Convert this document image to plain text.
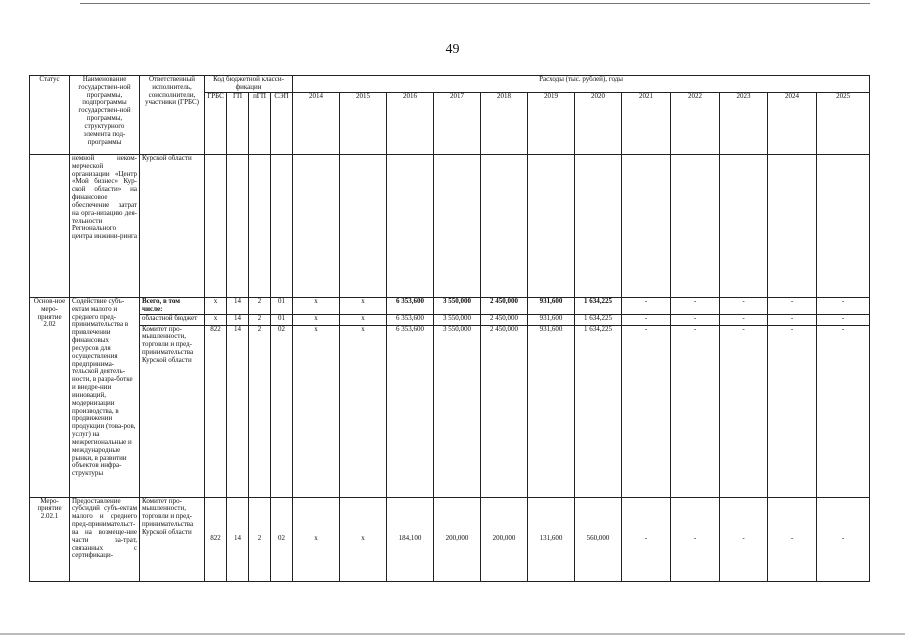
49
Статус	Наименование государствен-ной программы, подпрограммы государствен-ной программы, структурного элемента под-программы	Ответственный исполнитель, соисполнители, участники (ГРБС)	Код бюджетной класси-фикации				Расходы (тыс. рублей), годы											
			ГРБС	ГП	пГП	СЭП	2014	2015	2016	2017	2018	2019	2020	2021	2022	2023	2024	2025
	немной неком-мерческой организации «Центр «Мой бизнес» Кур-ской области» на финансовое обеспечение затрат на орга-низацию дея-тельности Регионального центра инжини-ринга	Курской области																
Основ-ное меро-приятие 2.02	Содействие субъ-ектам малого и среднего пред-принимательства в привлечении финансовых ресурсов для осуществления предпринима-тельской деятель-ности, в разра-ботке и внедре-нии инноваций, модернизации производства, в продвижении продукции (това-ров, услуг) на межрегиональные и международные рынки, в развитии объектов инфра-структуры	Всего, в том числе:	x	14	2	01	x	x	6 353,600	3 550,000	2 450,000	931,600	1 634,225	-	-	-	-	-
		областной бюджет	x	14	2	01	x	x	6 353,600	3 550,000	2 450,000	931,600	1 634,225	-	-	-	-	-
		Комитет про-мышленности, торговли и пред-принимательства Курской области	822	14	2	02	x	x	6 353,600	3 550,000	2 450,000	931,600	1 634,225	-	-	-	-	-
Меро-приятие 2.02.1	Предоставление субсидий субъ-ектам малого и среднего пред-принимательст-ва на возмеще-ние части за-трат, связанных с сертификаци-	Комитет про-мышленности, торговли и пред-принимательства Курской области	822	14	2	02	x	x	184,100	200,000	200,000	131,600	560,000	-	-	-	-	-
